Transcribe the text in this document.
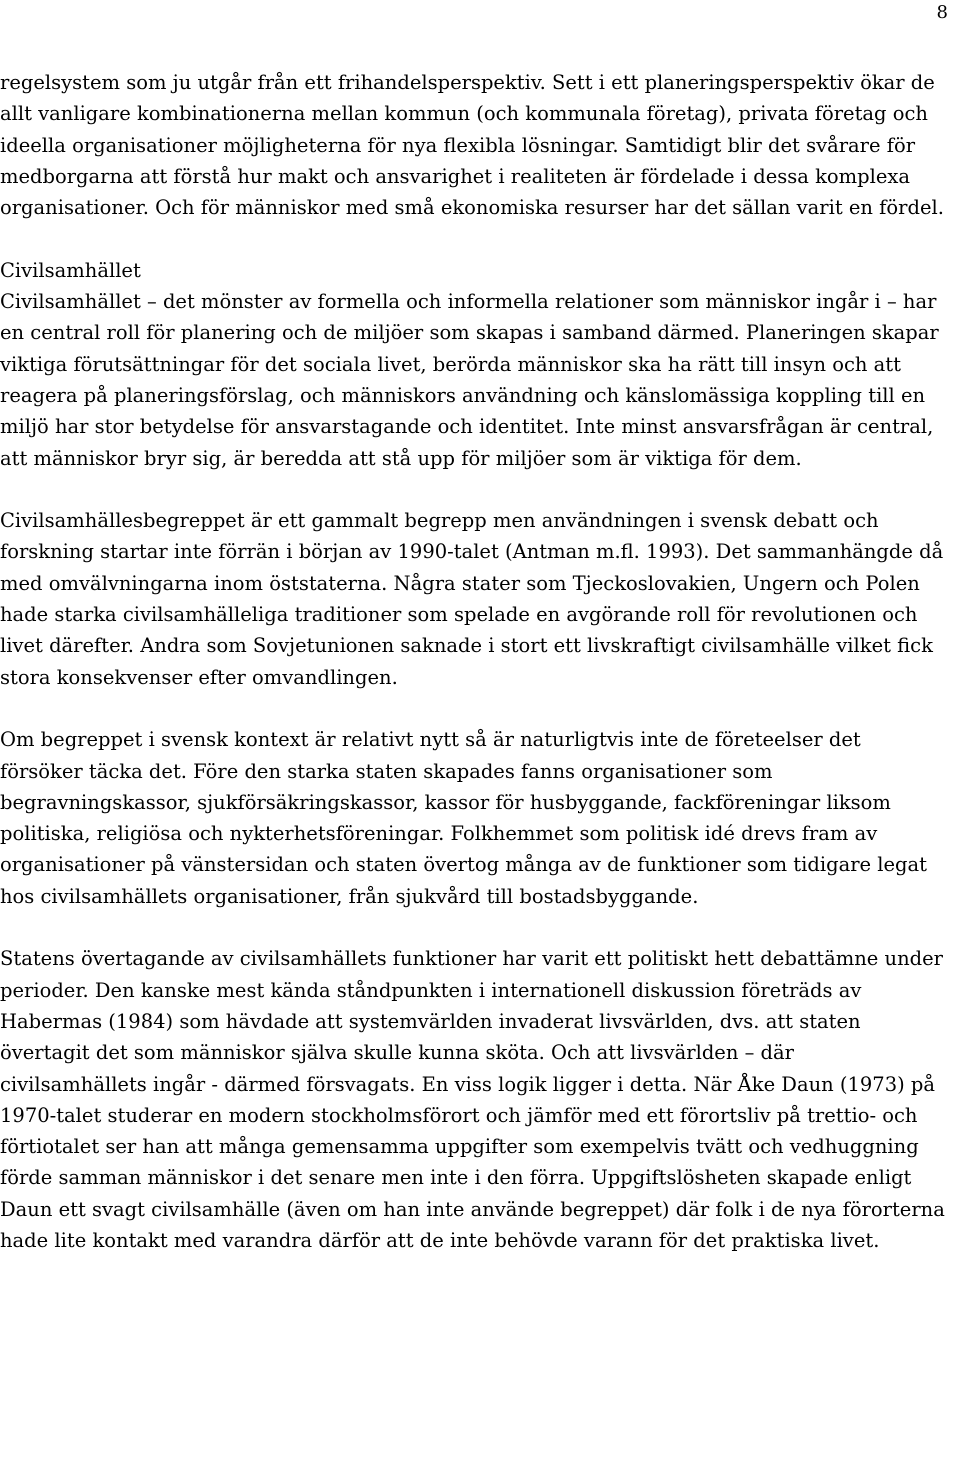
8

regelsystem som ju utgår från ett frihandelsperspektiv. Sett i ett planeringsperspektiv ökar de allt vanligare kombinationerna mellan kommun (och kommunala företag), privata företag och ideella organisationer möjligheterna för nya flexibla lösningar. Samtidigt blir det svårare för medborgarna att förstå hur makt och ansvarighet i realiteten är fördelade i dessa komplexa organisationer. Och för människor med små ekonomiska resurser har det sällan varit en fördel.

Civilsamhället

Civilsamhället – det mönster av formella och informella relationer som människor ingår i – har en central roll för planering och de miljöer som skapas i samband därmed. Planeringen skapar viktiga förutsättningar för det sociala livet, berörda människor ska ha rätt till insyn och att reagera på planeringsförslag, och människors användning och känslomässiga koppling till en miljö har stor betydelse för ansvarstagande och identitet. Inte minst ansvarsfrågan är central, att människor bryr sig, är beredda att stå upp för miljöer som är viktiga för dem.

Civilsamhällesbegreppet är ett gammalt begrepp men användningen i svensk debatt och forskning startar inte förrän i början av 1990-talet (Antman m.fl. 1993). Det sammanhängde då med omvälvningarna inom öststaterna. Några stater som Tjeckoslovakien, Ungern och Polen hade starka civilsamhälleliga traditioner som spelade en avgörande roll för revolutionen och livet därefter. Andra som Sovjetunionen saknade i stort ett livskraftigt civilsamhälle vilket fick stora konsekvenser efter omvandlingen.

Om begreppet i svensk kontext är relativt nytt så är naturligtvis inte de företeelser det försöker täcka det. Före den starka staten skapades fanns organisationer som begravningskassor, sjukförsäkringskassor, kassor för husbyggande, fackföreningar liksom politiska, religiösa och nykterhetsföreningar. Folkhemmet som politisk idé drevs fram av organisationer på vänstersidan och staten övertog många av de funktioner som tidigare legat hos civilsamhällets organisationer, från sjukvård till bostadsbyggande.

Statens övertagande av civilsamhällets funktioner har varit ett politiskt hett debattämne under perioder. Den kanske mest kända ståndpunkten i internationell diskussion företräds av Habermas (1984) som hävdade att systemvärlden invaderat livsvärlden, dvs. att staten övertagit det som människor själva skulle kunna sköta. Och att livsvärlden – där civilsamhällets ingår - därmed försvagats. En viss logik ligger i detta. När Åke Daun (1973) på 1970-talet studerar en modern stockholmsförort och jämför med ett förortsliv på trettio- och förtiotalet ser han att många gemensamma uppgifter som exempelvis tvätt och vedhuggning förde samman människor i det senare men inte i den förra. Uppgiftslösheten skapade enligt Daun ett svagt civilsamhälle (även om han inte använde begreppet) där folk i de nya förorterna hade lite kontakt med varandra därför att de inte behövde varann för det praktiska livet.
